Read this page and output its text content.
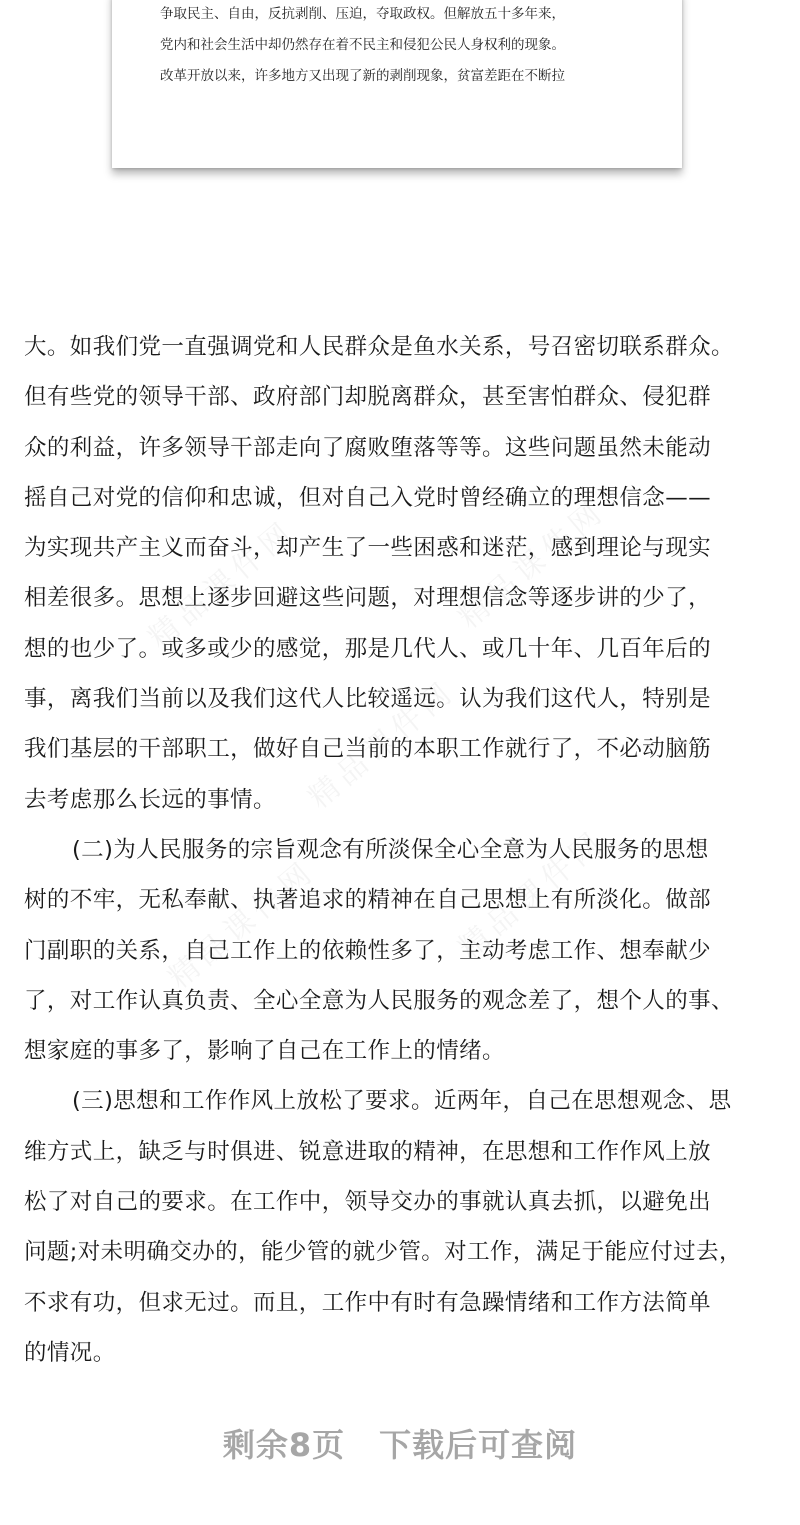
争取民主、自由，反抗剥削、压迫，夺取政权。但解放五十多年来，
党内和社会生活中却仍然存在着不民主和侵犯公民人身权利的现象。
改革开放以来，许多地方又出现了新的剥削现象，贫富差距在不断拉
大。如我们党一直强调党和人民群众是鱼水关系，号召密切联系群众。
但有些党的领导干部、政府部门却脱离群众，甚至害怕群众、侵犯群
众的利益，许多领导干部走向了腐败堕落等等。这些问题虽然未能动
摇自己对党的信仰和忠诚，但对自己入党时曾经确立的理想信念——
为实现共产主义而奋斗，却产生了一些困惑和迷茫，感到理论与现实
相差很多。思想上逐步回避这些问题，对理想信念等逐步讲的少了，
想的也少了。或多或少的感觉，那是几代人、或几十年、几百年后的
事，离我们当前以及我们这代人比较遥远。认为我们这代人，特别是
我们基层的干部职工，做好自己当前的本职工作就行了，不必动脑筋
去考虑那么长远的事情。
(二)为人民服务的宗旨观念有所淡保全心全意为人民服务的思想
树的不牢，无私奉献、执著追求的精神在自己思想上有所淡化。做部
门副职的关系，自己工作上的依赖性多了，主动考虑工作、想奉献少
了，对工作认真负责、全心全意为人民服务的观念差了，想个人的事、
想家庭的事多了，影响了自己在工作上的情绪。
(三)思想和工作作风上放松了要求。近两年，自己在思想观念、思
维方式上，缺乏与时俱进、锐意进取的精神，在思想和工作作风上放
松了对自己的要求。在工作中，领导交办的事就认真去抓，以避免出
问题;对未明确交办的，能少管的就少管。对工作，满足于能应付过去，
不求有功，但求无过。而且，工作中有时有急躁情绪和工作方法简单
的情况。
剩余8页 下载后可查阅
